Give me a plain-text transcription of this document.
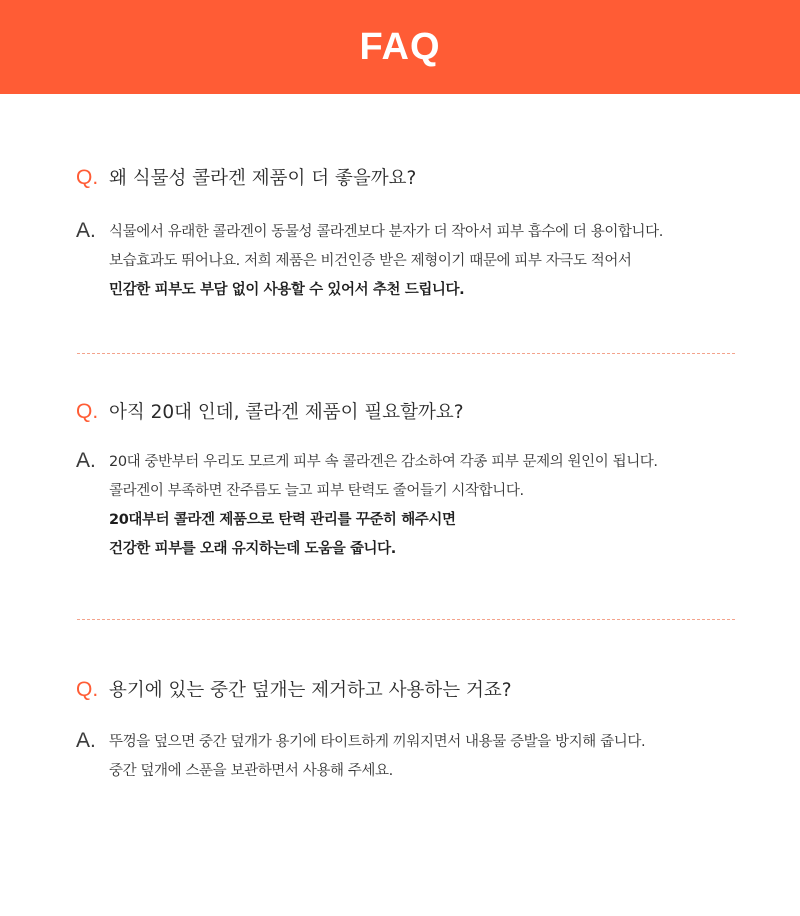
FAQ
Q. 왜 식물성 콜라겐 제품이 더 좋을까요?
A. 식물에서 유래한 콜라겐이 동물성 콜라겐보다 분자가 더 작아서 피부 흡수에 더 용이합니다.
보습효과도 뛰어나요. 저희 제품은 비건인증 받은 제형이기 때문에 피부 자극도 적어서
민감한 피부도 부담 없이 사용할 수 있어서 추천 드립니다.
Q. 아직 20대 인데, 콜라겐 제품이 필요할까요?
A. 20대 중반부터 우리도 모르게 피부 속 콜라겐은 감소하여 각종 피부 문제의 원인이 됩니다.
콜라겐이 부족하면 잔주름도 늘고 피부 탄력도 줄어들기 시작합니다.
20대부터 콜라겐 제품으로 탄력 관리를 꾸준히 해주시면
건강한 피부를 오래 유지하는데 도움을 줍니다.
Q. 용기에 있는 중간 덮개는 제거하고 사용하는 거죠?
A. 뚜껑을 덮으면 중간 덮개가 용기에 타이트하게 끼워지면서 내용물 증발을 방지해 줍니다.
중간 덮개에 스푼을 보관하면서 사용해 주세요.
